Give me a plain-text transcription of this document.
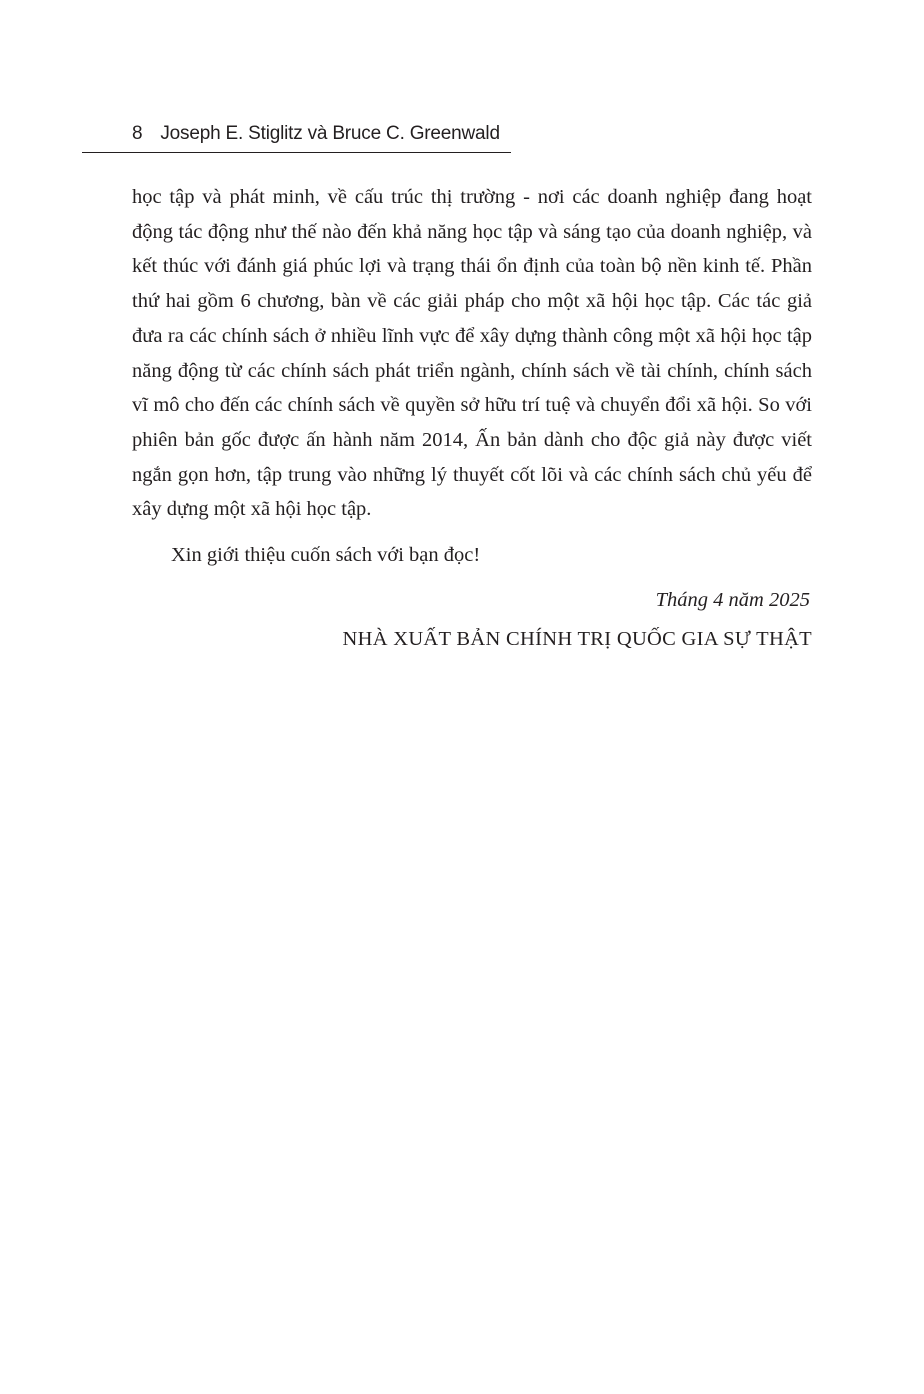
8 Joseph E. Stiglitz và Bruce C. Greenwald

học tập và phát minh, về cấu trúc thị trường - nơi các doanh nghiệp đang hoạt động tác động như thế nào đến khả năng học tập và sáng tạo của doanh nghiệp, và kết thúc với đánh giá phúc lợi và trạng thái ổn định của toàn bộ nền kinh tế. Phần thứ hai gồm 6 chương, bàn về các giải pháp cho một xã hội học tập. Các tác giả đưa ra các chính sách ở nhiều lĩnh vực để xây dựng thành công một xã hội học tập năng động từ các chính sách phát triển ngành, chính sách về tài chính, chính sách vĩ mô cho đến các chính sách về quyền sở hữu trí tuệ và chuyển đổi xã hội. So với phiên bản gốc được ấn hành năm 2014, Ấn bản dành cho độc giả này được viết ngắn gọn hơn, tập trung vào những lý thuyết cốt lõi và các chính sách chủ yếu để xây dựng một xã hội học tập.

Xin giới thiệu cuốn sách với bạn đọc!

Tháng 4 năm 2025

NHÀ XUẤT BẢN CHÍNH TRỊ QUỐC GIA SỰ THẬT
